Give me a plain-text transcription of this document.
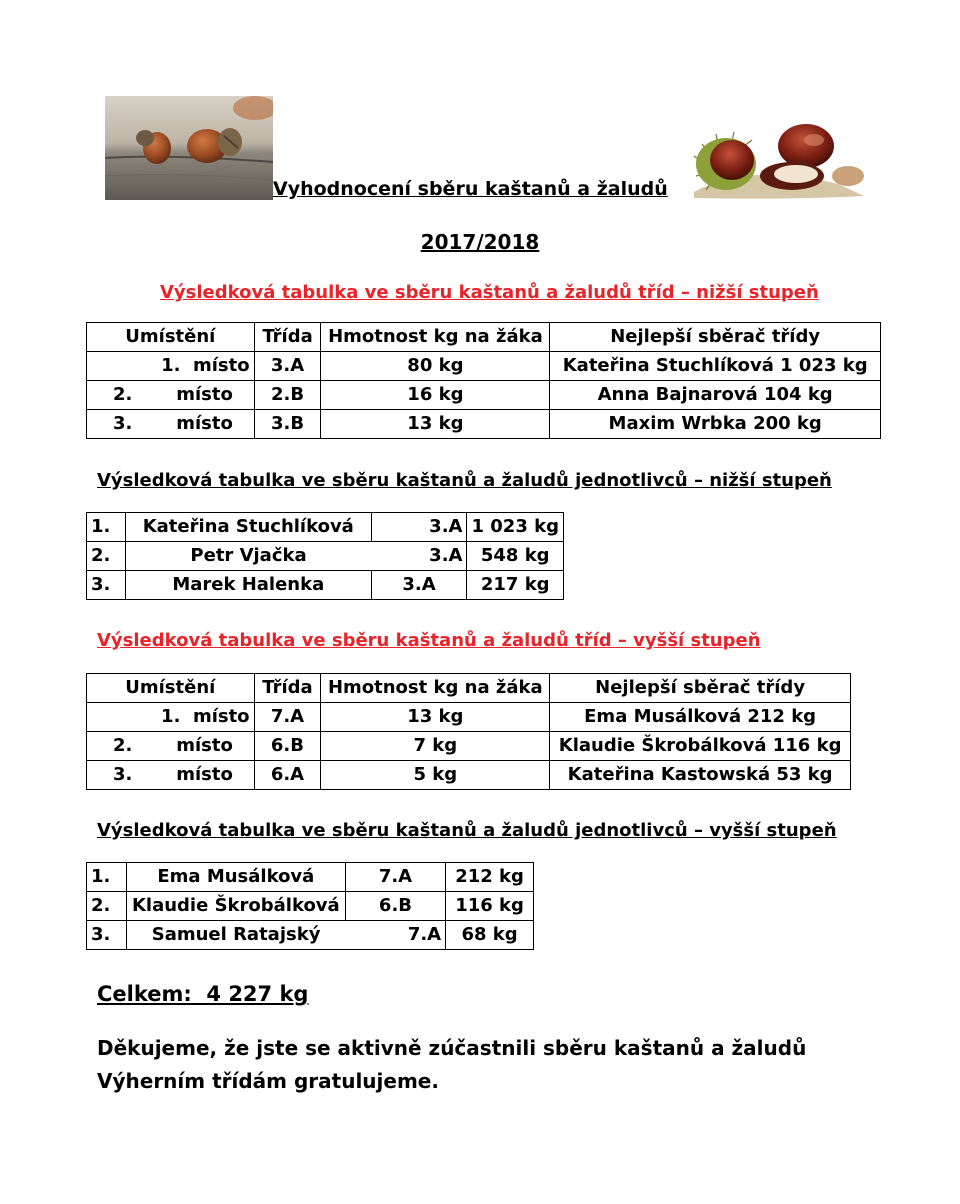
Vyhodnocení sběru kaštanů a žaludů
2017/2018
Výsledková tabulka ve sběru kaštanů a žaludů tříd – nižší stupeň
Umístění	Třída	Hmotnost kg na žáka	Nejlepší sběrač třídy
1.  místo	3.A	80 kg	Kateřina Stuchlíková 1 023 kg
2.       místo	2.B	16 kg	Anna Bajnarová 104 kg
3.       místo	3.B	13 kg	Maxim Wrbka 200 kg
Výsledková tabulka ve sběru kaštanů a žaludů jednotlivců – nižší stupeň
1.	Kateřina Stuchlíková	3.A	1 023 kg
2.	Petr Vjačka	3.A	548 kg
3.	Marek Halenka	3.A	217 kg
Výsledková tabulka ve sběru kaštanů a žaludů tříd – vyšší stupeň
Umístění	Třída	Hmotnost kg na žáka	Nejlepší sběrač třídy
1.  místo	7.A	13 kg	Ema Musálková 212 kg
2.       místo	6.B	7 kg	Klaudie Škrobálková 116 kg
3.       místo	6.A	5 kg	Kateřina Kastowská 53 kg
Výsledková tabulka ve sběru kaštanů a žaludů jednotlivců – vyšší stupeň
1.	Ema Musálková	7.A	212 kg
2.	Klaudie Škrobálková	6.B	116 kg
3.	Samuel Ratajský	7.A	68 kg
Celkem:  4 227 kg
Děkujeme, že jste se aktivně zúčastnili sběru kaštanů a žaludů
Výherním třídám gratulujeme.
